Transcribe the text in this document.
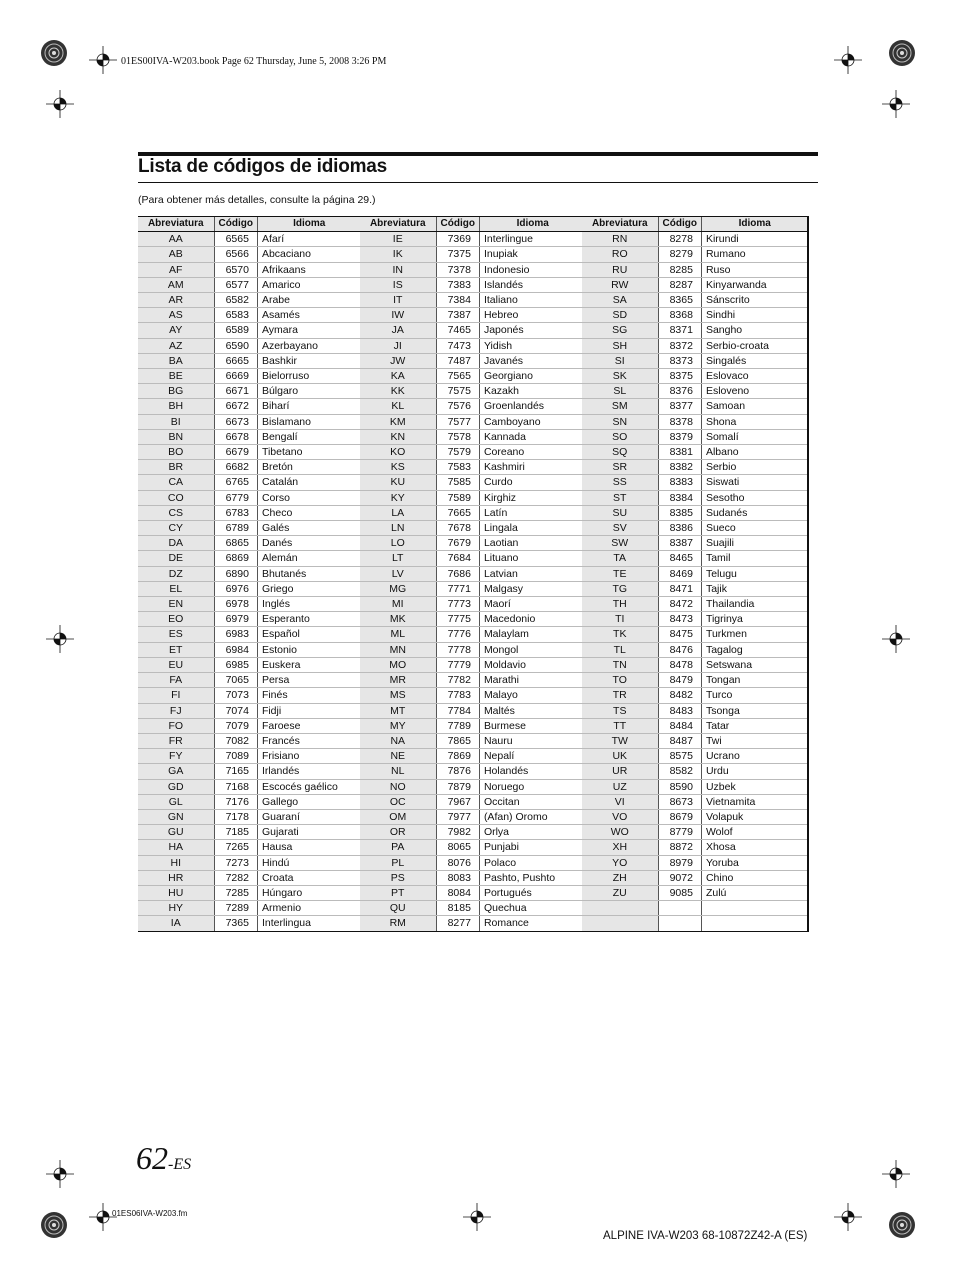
01ES00IVA-W203.book Page 62 Thursday, June 5, 2008 3:26 PM
Lista de códigos de idiomas
(Para obtener más detalles, consulte la página 29.)
Abreviatura	Código	Idioma
AA	6565	Afarí
AB	6566	Abcaciano
AF	6570	Afrikaans
AM	6577	Amarico
AR	6582	Arabe
AS	6583	Asamés
AY	6589	Aymara
AZ	6590	Azerbayano
BA	6665	Bashkir
BE	6669	Bielorruso
BG	6671	Búlgaro
BH	6672	Biharí
BI	6673	Bislamano
BN	6678	Bengalí
BO	6679	Tibetano
BR	6682	Bretón
CA	6765	Catalán
CO	6779	Corso
CS	6783	Checo
CY	6789	Galés
DA	6865	Danés
DE	6869	Alemán
DZ	6890	Bhutanés
EL	6976	Griego
EN	6978	Inglés
EO	6979	Esperanto
ES	6983	Español
ET	6984	Estonio
EU	6985	Euskera
FA	7065	Persa
FI	7073	Finés
FJ	7074	Fidji
FO	7079	Faroese
FR	7082	Francés
FY	7089	Frisiano
GA	7165	Irlandés
GD	7168	Escocés gaélico
GL	7176	Gallego
GN	7178	Guaraní
GU	7185	Gujarati
HA	7265	Hausa
HI	7273	Hindú
HR	7282	Croata
HU	7285	Húngaro
HY	7289	Armenio
IA	7365	Interlingua
Abreviatura	Código	Idioma
IE	7369	Interlingue
IK	7375	Inupiak
IN	7378	Indonesio
IS	7383	Islandés
IT	7384	Italiano
IW	7387	Hebreo
JA	7465	Japonés
JI	7473	Yidish
JW	7487	Javanés
KA	7565	Georgiano
KK	7575	Kazakh
KL	7576	Groenlandés
KM	7577	Camboyano
KN	7578	Kannada
KO	7579	Coreano
KS	7583	Kashmiri
KU	7585	Curdo
KY	7589	Kirghiz
LA	7665	Latín
LN	7678	Lingala
LO	7679	Laotian
LT	7684	Lituano
LV	7686	Latvian
MG	7771	Malgasy
MI	7773	Maorí
MK	7775	Macedonio
ML	7776	Malaylam
MN	7778	Mongol
MO	7779	Moldavio
MR	7782	Marathi
MS	7783	Malayo
MT	7784	Maltés
MY	7789	Burmese
NA	7865	Nauru
NE	7869	Nepalí
NL	7876	Holandés
NO	7879	Noruego
OC	7967	Occitan
OM	7977	(Afan) Oromo
OR	7982	Orlya
PA	8065	Punjabi
PL	8076	Polaco
PS	8083	Pashto, Pushto
PT	8084	Portugués
QU	8185	Quechua
RM	8277	Romance
Abreviatura	Código	Idioma
RN	8278	Kirundi
RO	8279	Rumano
RU	8285	Ruso
RW	8287	Kinyarwanda
SA	8365	Sánscrito
SD	8368	Sindhi
SG	8371	Sangho
SH	8372	Serbio-croata
SI	8373	Singalés
SK	8375	Eslovaco
SL	8376	Esloveno
SM	8377	Samoan
SN	8378	Shona
SO	8379	Somalí
SQ	8381	Albano
SR	8382	Serbio
SS	8383	Siswati
ST	8384	Sesotho
SU	8385	Sudanés
SV	8386	Sueco
SW	8387	Suajili
TA	8465	Tamil
TE	8469	Telugu
TG	8471	Tajik
TH	8472	Thailandia
TI	8473	Tigrinya
TK	8475	Turkmen
TL	8476	Tagalog
TN	8478	Setswana
TO	8479	Tongan
TR	8482	Turco
TS	8483	Tsonga
TT	8484	Tatar
TW	8487	Twi
UK	8575	Ucrano
UR	8582	Urdu
UZ	8590	Uzbek
VI	8673	Vietnamita
VO	8679	Volapuk
WO	8779	Wolof
XH	8872	Xhosa
YO	8979	Yoruba
ZH	9072	Chino
ZU	9085	Zulú

62-ES
01ES06IVA-W203.fm
ALPINE IVA-W203 68-10872Z42-A (ES)
